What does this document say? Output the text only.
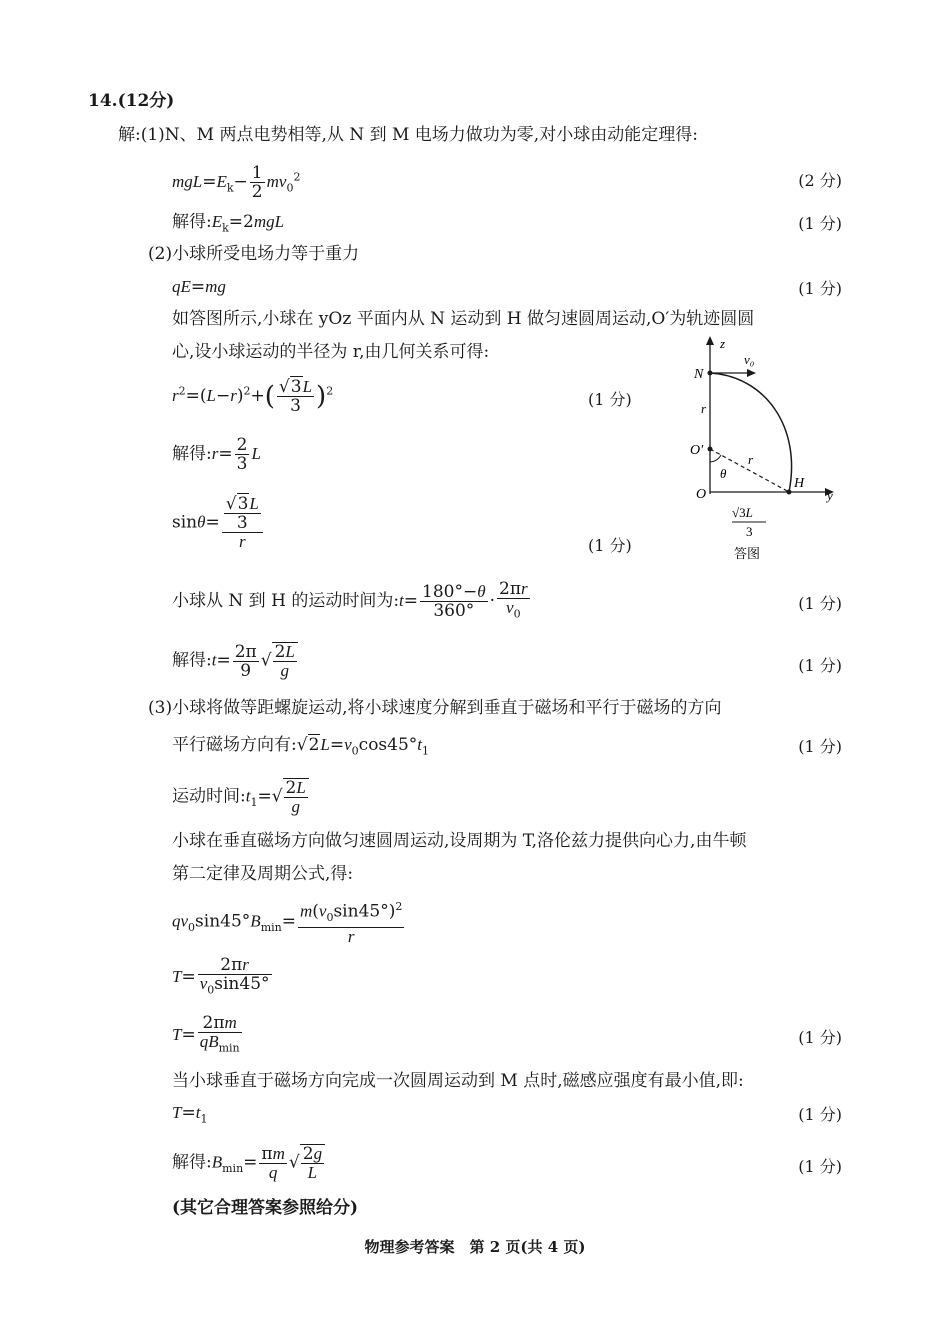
14.(12分)
解:(1)N、M 两点电势相等,从 N 到 M 电场力做功为零,对小球由动能定理得:
$mgL=E_k- \frac{1}{2} mv_0^2$	(2 分)
解得$:E_k=2mgL$	(1 分)
(2)小球所受电场力等于重力
qE=mg	(1 分)
如答图所示,小球在 yOz 平面内从 N 运动到 H 做匀速圆周运动,O′为轨迹圆圆
心,设小球运动的半径为 r,由几何关系可得:
$r^2=(L-r)^2+( \frac{√3L}{3} )^2$	(1 分)
解得:r= $\frac{2}{3}$ L
$\sin\theta= \frac{\frac{√3L}{3}}{r}$	(1 分)
小球从 N 到 H 的运动时间为:t= $\frac{180^\circ-\theta}{360^\circ} \cdot \frac{2\pi r}{v_0}$	(1 分)
解得:t= $\frac{2\pi}{9}$ √ $\frac{2L}{g}$	(1 分)
z
v₀
N
r
O′
θ
r
O
H
y
√3L
3
答图
(3)小球将做等距螺旋运动,将小球速度分解到垂直于磁场和平行于磁场的方向
平行磁场方向有$:√2L=v_0\cos 45^\circ t_1$	(1 分)
运动时间$:t_1=√ \frac{2L}{g}$
小球在垂直磁场方向做匀速圆周运动,设周期为 T,洛伦兹力提供向心力,由牛顿
第二定律及周期公式,得:
$qv_0\sin 45^\circ B_{min}= \frac{m(v_0\sin 45^\circ)^2}{r}$
$T= \frac{2\pi r}{v_0\sin 45^\circ}$
$T= \frac{2\pi m}{qB_{min}}$	(1 分)
当小球垂直于磁场方向完成一次圆周运动到 M 点时,磁感应强度有最小值,即:
$T=t_1$	(1 分)
解得$:B_{min}= \frac{\pi m}{q}$ √ $\frac{2g}{L}$	(1 分)
(其它合理答案参照给分)
物理参考答案　第 2 页(共 4 页)
